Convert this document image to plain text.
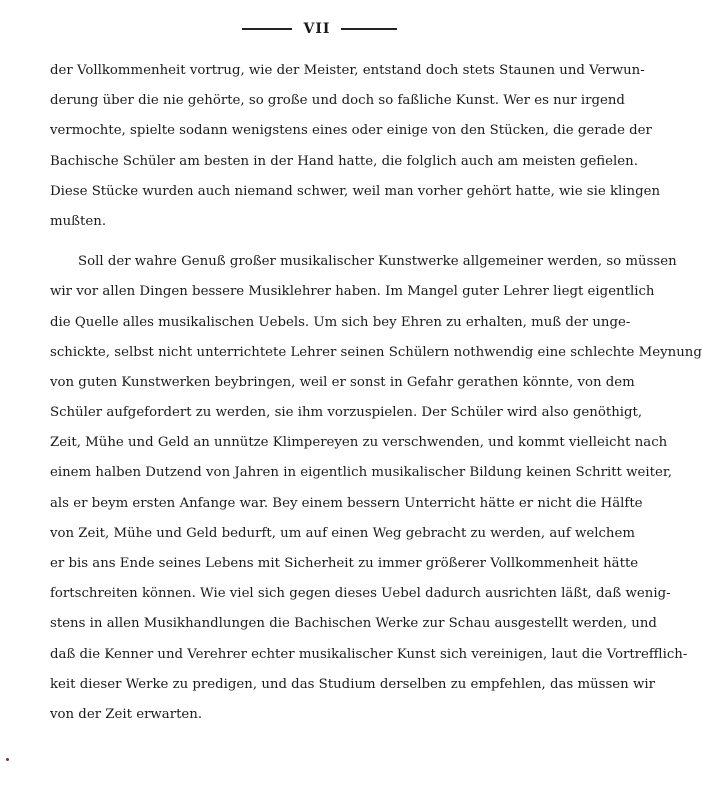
VII
der Vollkommenheit vortrug, wie der Meister, entstand doch stets Staunen und Verwun-
derung über die nie gehörte, so große und doch so faßliche Kunst. Wer es nur irgend
vermochte, spielte sodann wenigstens eines oder einige von den Stücken, die gerade der
Bachische Schüler am besten in der Hand hatte, die folglich auch am meisten gefielen.
Diese Stücke wurden auch niemand schwer, weil man vorher gehört hatte, wie sie klingen
mußten.
Soll der wahre Genuß großer musikalischer Kunstwerke allgemeiner werden, so müssen
wir vor allen Dingen bessere Musiklehrer haben. Im Mangel guter Lehrer liegt eigentlich
die Quelle alles musikalischen Uebels. Um sich bey Ehren zu erhalten, muß der unge-
schickte, selbst nicht unterrichtete Lehrer seinen Schülern nothwendig eine schlechte Meynung
von guten Kunstwerken beybringen, weil er sonst in Gefahr gerathen könnte, von dem
Schüler aufgefordert zu werden, sie ihm vorzuspielen. Der Schüler wird also genöthigt,
Zeit, Mühe und Geld an unnütze Klimpereyen zu verschwenden, und kommt vielleicht nach
einem halben Dutzend von Jahren in eigentlich musikalischer Bildung keinen Schritt weiter,
als er beym ersten Anfange war. Bey einem bessern Unterricht hätte er nicht die Hälfte
von Zeit, Mühe und Geld bedurft, um auf einen Weg gebracht zu werden, auf welchem
er bis ans Ende seines Lebens mit Sicherheit zu immer größerer Vollkommenheit hätte
fortschreiten können. Wie viel sich gegen dieses Uebel dadurch ausrichten läßt, daß wenig-
stens in allen Musikhandlungen die Bachischen Werke zur Schau ausgestellt werden, und
daß die Kenner und Verehrer echter musikalischer Kunst sich vereinigen, laut die Vortrefflich-
keit dieser Werke zu predigen, und das Studium derselben zu empfehlen, das müssen wir
von der Zeit erwarten.
